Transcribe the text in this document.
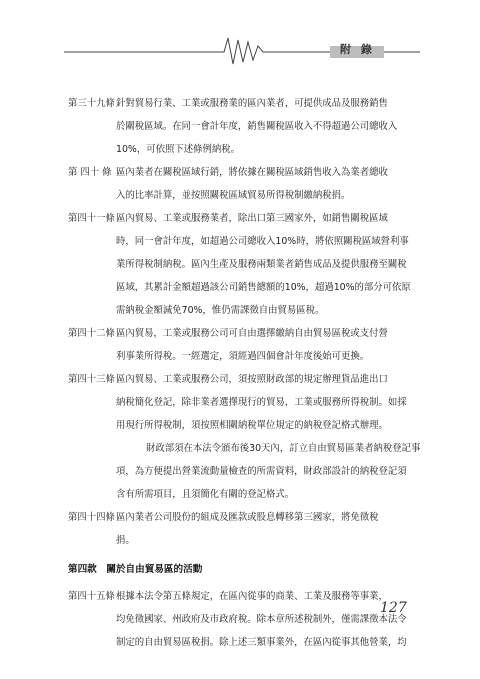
附 錄
第三十九條 針對貿易行業、工業或服務業的區內業者，可提供成品及服務銷售
於關稅區域。在同一會計年度，銷售關稅區收入不得超過公司總收入
10%，可依照下述條例納稅。
第 四十 條 區內業者在關稅區域行銷，將依據在關稅區域銷售收入為業者總收
入的比率計算，並按照關稅區域貿易所得稅制繳納稅捐。
第四十一條 區內貿易、工業或服務業者，除出口第三國家外，如銷售關稅區域
時，同一會計年度，如超過公司總收入10%時，將依照關稅區域營利事
業所得稅制納稅。區內生產及服務兩類業者銷售成品及提供服務至關稅
區域，其累計金額超過該公司銷售總額的10%，超過10%的部分可依原
需納稅金額減免70%，惟仍需課徵自由貿易區稅。
第四十二條 區內貿易，工業或服務公司可自由選擇繳納自由貿易區稅或支付營
利事業所得稅。一經選定，須經過四個會計年度後始可更換。
第四十三條 區內貿易、工業或服務公司，須按照財政部的規定辦理貨品進出口
納稅簡化登記，除非業者選擇現行的貿易，工業或服務所得稅制。如採
用現行所得稅制，須按照相關納稅單位規定的納稅登記格式辦理。
財政部須在本法令頒布後30天內，訂立自由貿易區業者納稅登記事
項，為方便提出營業流動量檢查的所需資料，財政部設計的納稅登記須
含有所需項目，且須簡化有關的登記格式。
第四十四條 區內業者公司股份的組成及匯款或股息轉移第三國家，將免徵稅
捐。
第四款　關於自由貿易區的活動
第四十五條 根據本法令第五條規定，在區內從事的商業、工業及服務等事業，
均免徵國家、州政府及市政府稅。除本章所述稅制外，僅需課徵本法令
制定的自由貿易區稅捐。除上述三類事業外，在區內從事其他營業，均
127
